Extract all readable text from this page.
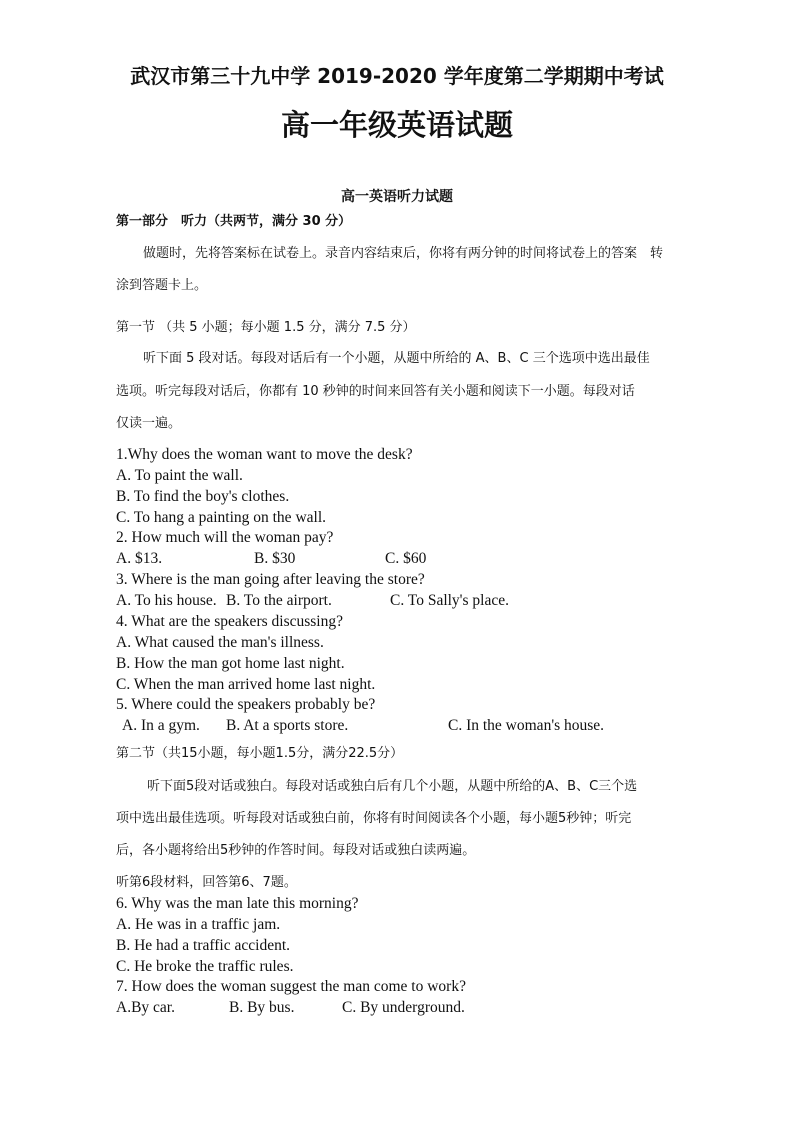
武汉市第三十九中学 2019-2020 学年度第二学期期中考试
高一年级英语试题
高一英语听力试题
第一部分　听力（共两节，满分 30 分）
做题时，先将答案标在试卷上。录音内容结束后，你将有两分钟的时间将试卷上的答案　转
涂到答题卡上。
第一节 （共 5 小题；每小题 1.5 分，满分 7.5 分）
听下面 5 段对话。每段对话后有一个小题，从题中所给的 A、B、C 三个选项中选出最佳
选项。听完每段对话后，你都有 10 秒钟的时间来回答有关小题和阅读下一小题。每段对话
仅读一遍。
1.Why does the woman want to move the desk?
A. To paint the wall.
B. To find the boy's clothes.
C. To hang a painting on the wall.
2. How much will the woman pay?
A. $13.	B. $30	C. $60
3. Where is the man going after leaving the store?
A. To his house. B. To the airport.	C. To Sally's place.
4. What are the speakers discussing?
A. What caused the man's illness.
B. How the man got home last night.
C. When the man arrived home last night.
5. Where could the speakers probably be?
A. In a gym. B. At a sports store.	C. In the woman's house.
第二节（共15小题，每小题1.5分，满分22.5分）
听下面5段对话或独白。每段对话或独白后有几个小题，从题中所给的A、B、C三个选
项中选出最佳选项。听每段对话或独白前，你将有时间阅读各个小题，每小题5秒钟；听完
后，各小题将给出5秒钟的作答时间。每段对话或独白读两遍。
听第6段材料，回答第6、7题。
6. Why was the man late this morning?
A. He was in a traffic jam.
B. He had a traffic accident.
C. He broke the traffic rules.
7. How does the woman suggest the man come to work?
A.By car.	B. By bus.	C. By underground.
